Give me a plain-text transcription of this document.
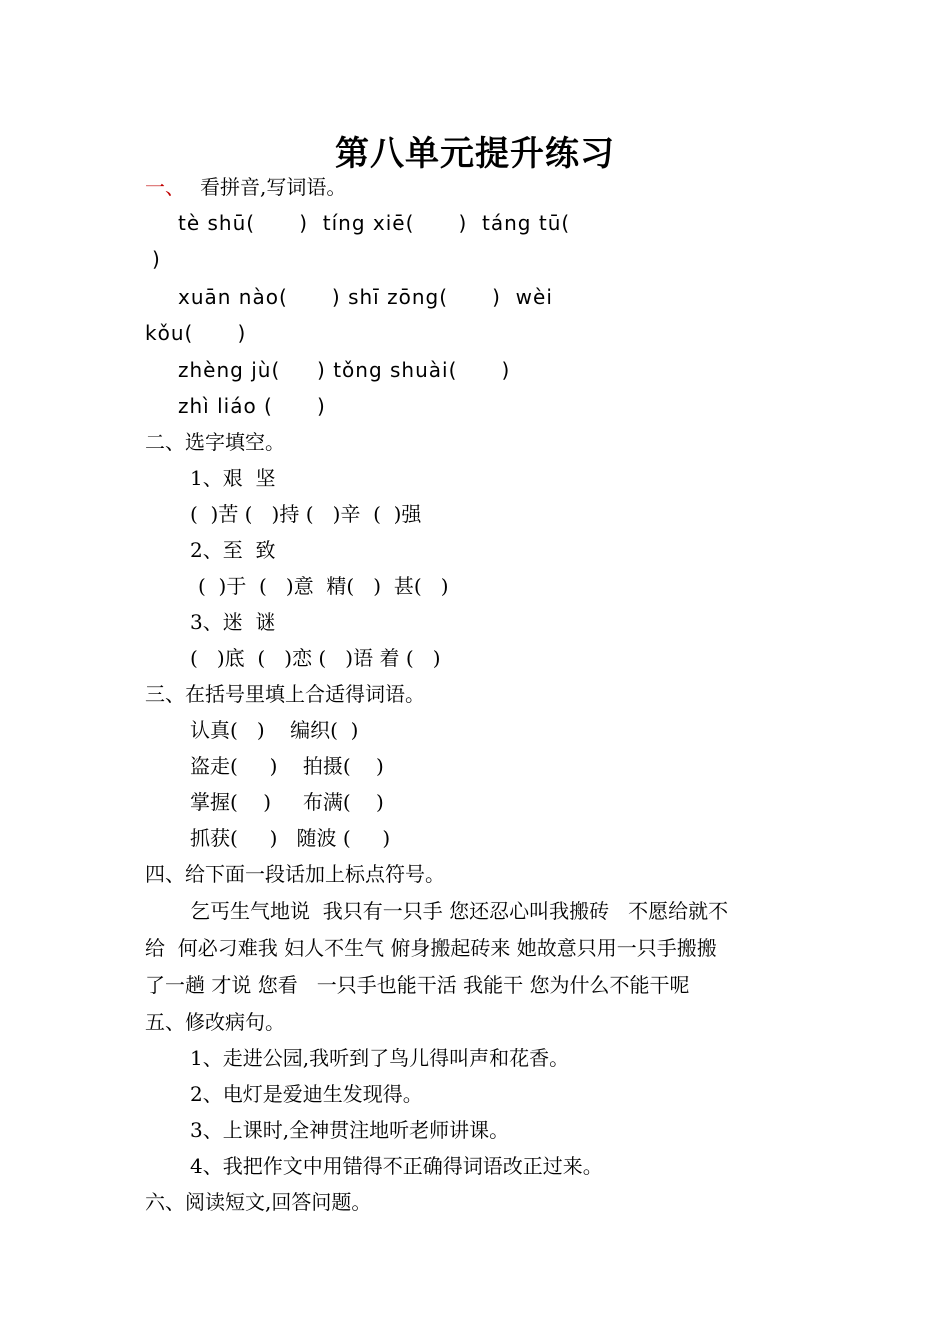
第八单元提升练习
一、 看拼音,写词语。
tè shū(      )  tíng xiē(      )  táng tū(
)
xuān nào(      ) shī zōng(      )  wèi
kǒu(      )
zhèng jù(     ) tǒng shuài(      )
zhì liáo (      )
二、选字填空。
1、艰  坚
(  )苦 (   )持 (   )辛  (  )强
2、至  致
(  )于  (   )意  精(   )  甚(   )
3、迷  谜
(   )底  (   )恋 (   )语 着 (   )
三、在括号里填上合适得词语。
认真(   )    编织(  )
盗走(     )    拍摄(    )
掌握(    )     布满(    )
抓获(     )   随波 (     )
四、给下面一段话加上标点符号。
乞丐生气地说  我只有一只手 您还忍心叫我搬砖   不愿给就不
给  何必刁难我 妇人不生气 俯身搬起砖来 她故意只用一只手搬搬
了一趟 才说 您看   一只手也能干活 我能干 您为什么不能干呢
五、修改病句。
1、走进公园,我听到了鸟儿得叫声和花香。
2、电灯是爱迪生发现得。
3、上课时,全神贯注地听老师讲课。
4、我把作文中用错得不正确得词语改正过来。
六、阅读短文,回答问题。
